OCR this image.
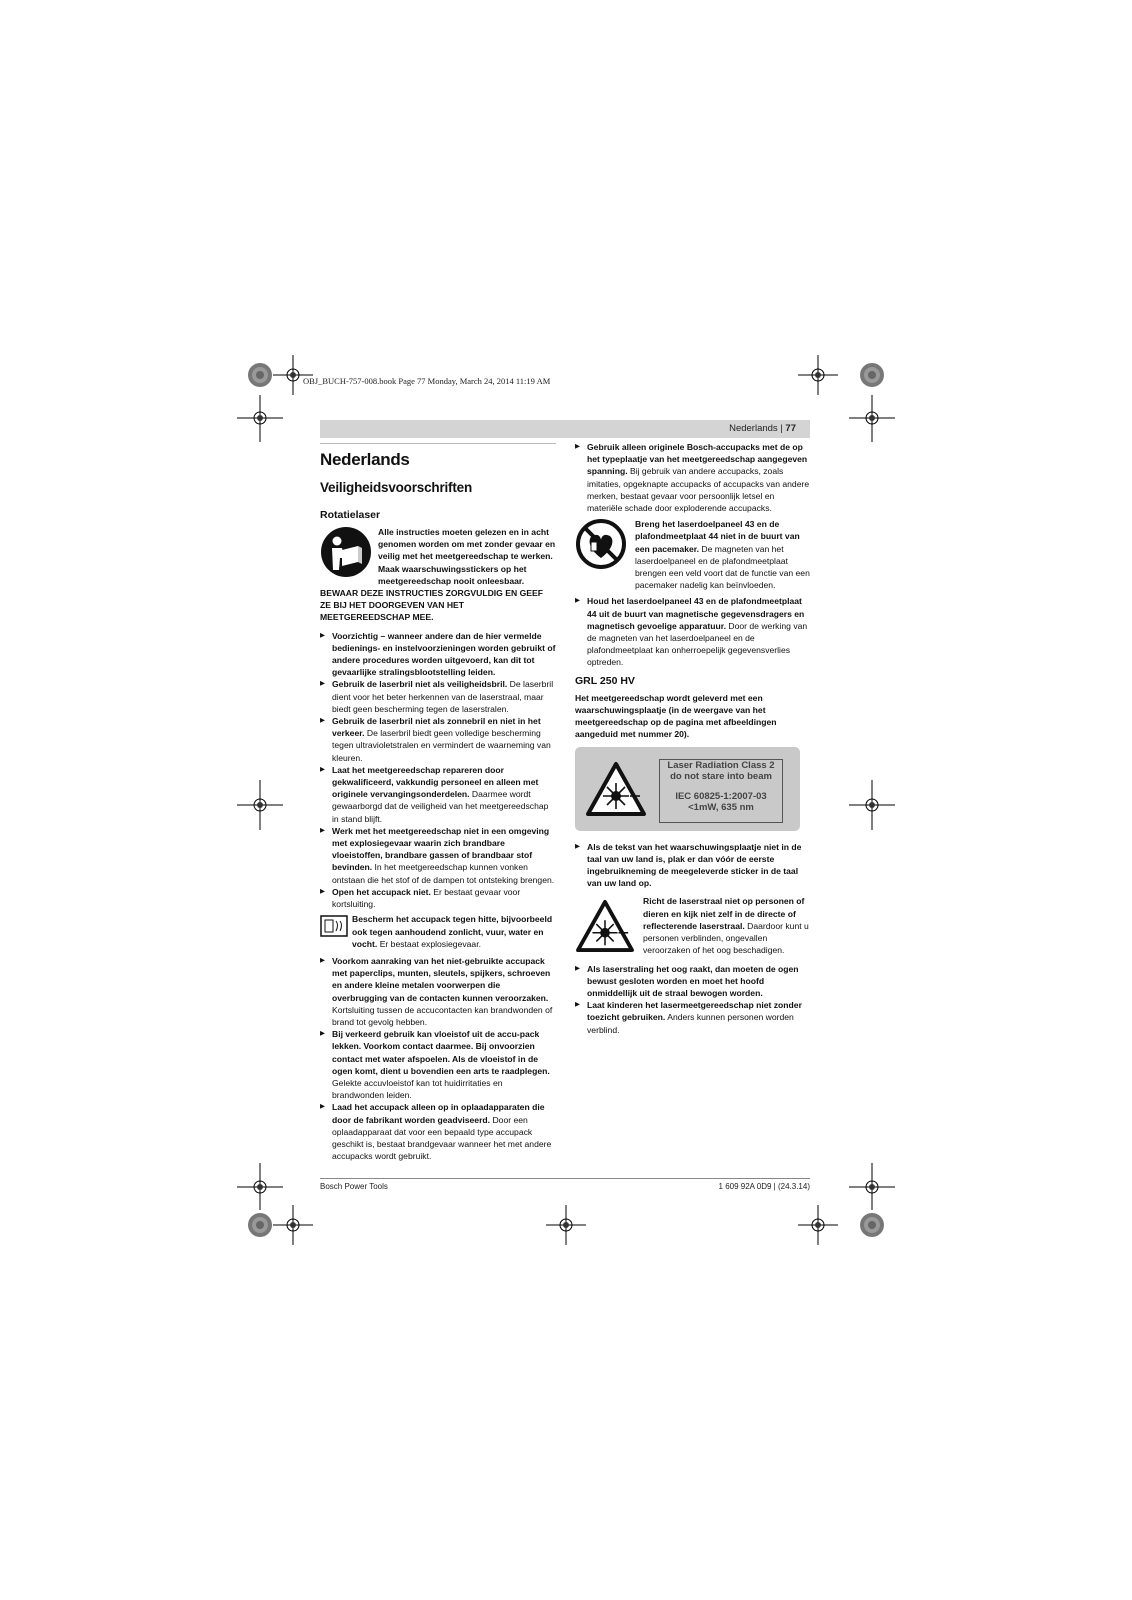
OBJ_BUCH-757-008.book Page 77 Monday, March 24, 2014 11:19 AM
Nederlands | 77
Nederlands
Veiligheidsvoorschriften
Rotatielaser

Alle instructies moeten gelezen en in acht genomen worden om met zonder gevaar en veilig met het meetgereedschap te werken. Maak waarschuwingsstickers op het meetgereedschap nooit onleesbaar. BEWAAR DEZE INSTRUCTIES ZORGVULDIG EN GEEF ZE BIJ HET DOORGEVEN VAN HET MEETGEREEDSCHAP MEE.

▶ Voorzichtig – wanneer andere dan de hier vermelde bedienings- en instelvoorzieningen worden gebruikt of andere procedures worden uitgevoerd, kan dit tot gevaarlijke stralingsblootstelling leiden.

▶ Gebruik de laserbril niet als veiligheidsbril. De laserbril dient voor het beter herkennen van de laserstraal, maar biedt geen bescherming tegen de laserstralen.

▶ Gebruik de laserbril niet als zonnebril en niet in het verkeer. De laserbril biedt geen volledige bescherming tegen ultravioletstralen en vermindert de waarneming van kleuren.

▶ Laat het meetgereedschap repareren door gekwalificeerd, vakkundig personeel en alleen met originele vervangingsonderdelen. Daarmee wordt gewaarborgd dat de veiligheid van het meetgereedschap in stand blijft.

▶ Werk met het meetgereedschap niet in een omgeving met explosiegevaar waarin zich brandbare vloeistoffen, brandbare gassen of brandbaar stof bevinden. In het meetgereedschap kunnen vonken ontstaan die het stof of de dampen tot ontsteking brengen.

▶ Open het accupack niet. Er bestaat gevaar voor kortsluiting.

Bescherm het accupack tegen hitte, bijvoorbeeld ook tegen aanhoudend zonlicht, vuur, water en vocht. Er bestaat explosiegevaar.

▶ Voorkom aanraking van het niet-gebruikte accupack met paperclips, munten, sleutels, spijkers, schroeven en andere kleine metalen voorwerpen die overbrugging van de contacten kunnen veroorzaken. Kortsluiting tussen de accucontacten kan brandwonden of brand tot gevolg hebben.

▶ Bij verkeerd gebruik kan vloeistof uit de accu-pack lekken. Voorkom contact daarmee. Bij onvoorzien contact met water afspoelen. Als de vloeistof in de ogen komt, dient u bovendien een arts te raadplegen. Gelekte accuvloeistof kan tot huidirritaties en brandwonden leiden.

▶ Laad het accupack alleen op in oplaadapparaten die door de fabrikant worden geadviseerd. Door een oplaadapparaat dat voor een bepaald type accupack geschikt is, bestaat brandgevaar wanneer het met andere accupacks wordt gebruikt.

▶ Gebruik alleen originele Bosch-accupacks met de op het typeplaatje van het meetgereedschap aangegeven spanning. Bij gebruik van andere accupacks, zoals imitaties, opgeknapte accupacks of accupacks van andere merken, bestaat gevaar voor persoonlijk letsel en materiële schade door exploderende accupacks.

Breng het laserdoelpaneel 43 en de plafondmeetplaat 44 niet in de buurt van een pacemaker. De magneten van het laserdoelpaneel en de plafondmeetplaat brengen een veld voort dat de functie van een pacemaker nadelig kan beïnvloeden.

▶ Houd het laserdoelpaneel 43 en de plafondmeetplaat 44 uit de buurt van magnetische gegevensdragers en magnetisch gevoelige apparatuur. Door de werking van de magneten van het laserdoelpaneel en de plafondmeetplaat kan onherroepelijk gegevensverlies optreden.

GRL 250 HV

Het meetgereedschap wordt geleverd met een waarschuwingsplaatje (in de weergave van het meetgereedschap op de pagina met afbeeldingen aangeduid met nummer 20).

Laser Radiation Class 2
do not stare into beam
IEC 60825-1:2007-03
<1mW, 635 nm

▶ Als de tekst van het waarschuwingsplaatje niet in de taal van uw land is, plak er dan vóór de eerste ingebruikneming de meegeleverde sticker in de taal van uw land op.

Richt de laserstraal niet op personen of dieren en kijk niet zelf in de directe of reflecterende laserstraal. Daardoor kunt u personen verblinden, ongevallen veroorzaken of het oog beschadigen.

▶ Als laserstraling het oog raakt, dan moeten de ogen bewust gesloten worden en moet het hoofd onmiddellijk uit de straal bewogen worden.

▶ Laat kinderen het lasermeetgereedschap niet zonder toezicht gebruiken. Anders kunnen personen worden verblind.

Bosch Power Tools	1 609 92A 0D9 | (24.3.14)
